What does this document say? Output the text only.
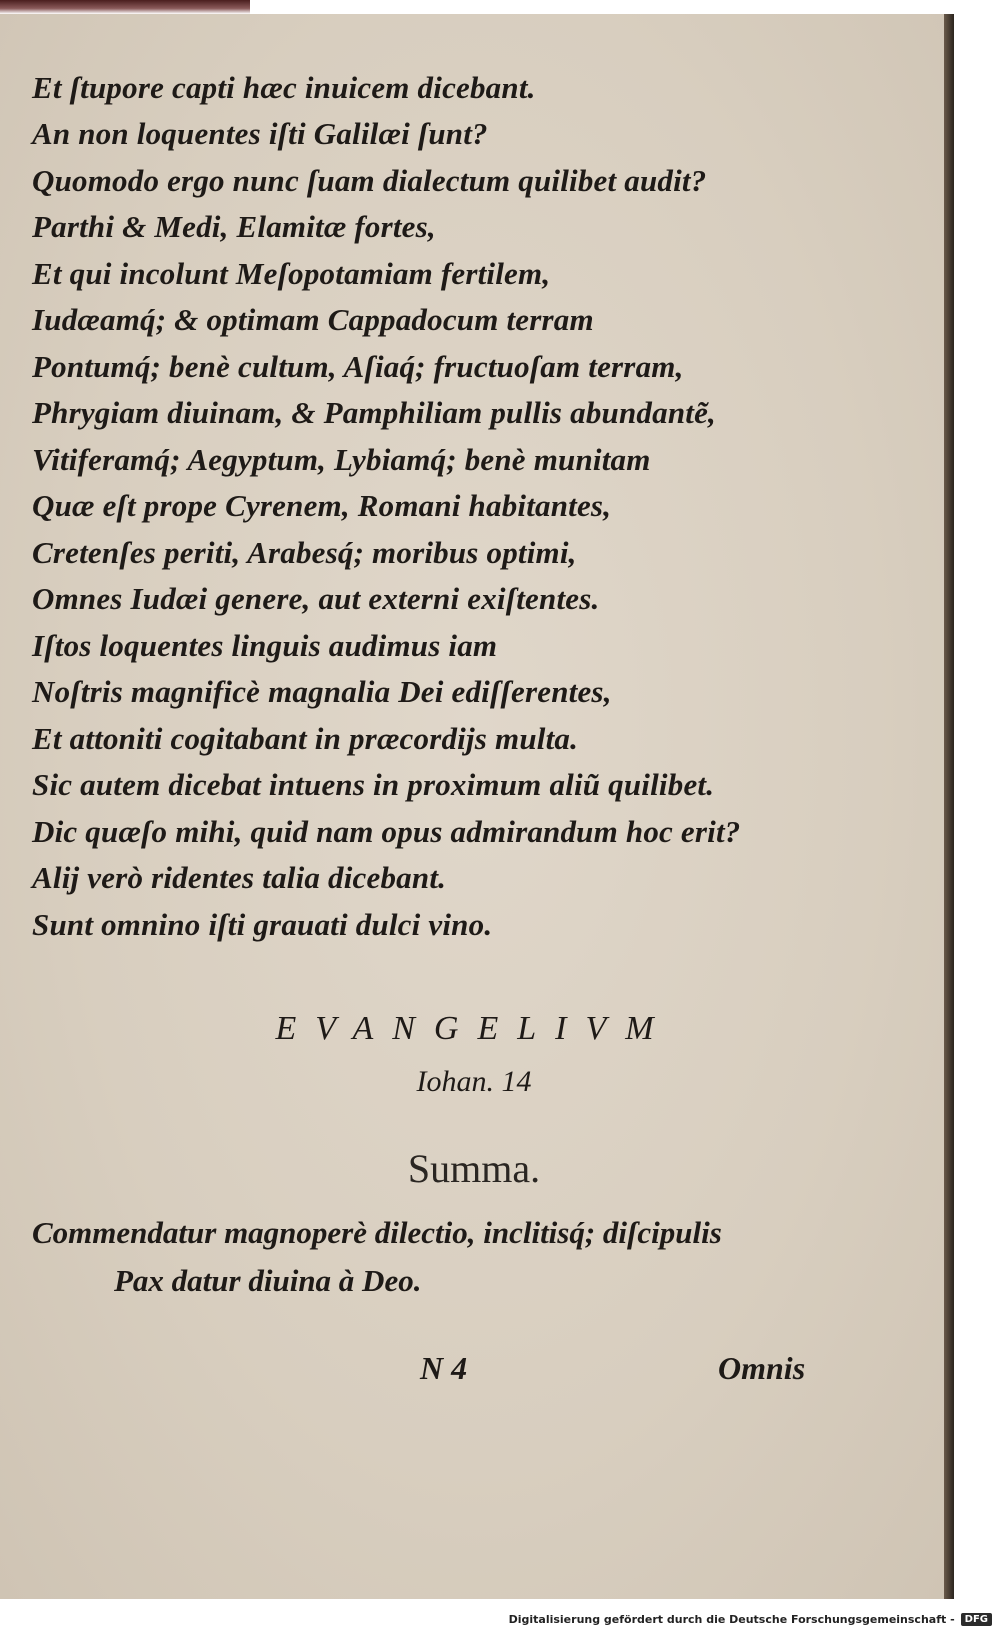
Et ſtupore capti hæc inuicem dicebant.

An non loquentes iſti Galilæi ſunt?

Quomodo ergo nunc ſuam dialectum quilibet audit?

Parthi & Medi, Elamitæ fortes,

Et qui incolunt Meſopotamiam fertilem,

Iudæamq́; & optimam Cappadocum terram

Pontumq́; benè cultum, Aſiaq́; fructuoſam terram,

Phrygiam diuinam, & Pamphiliam pullis abundantẽ,

Vitiferamq́; Aegyptum, Lybiamq́; benè munitam

Quæ eſt prope Cyrenem, Romani habitantes,

Cretenſes periti, Arabesq́; moribus optimi,

Omnes Iudæi genere, aut externi exiſtentes.

Iſtos loquentes linguis audimus iam

Noſtris magnificè magnalia Dei ediſſerentes,

Et attoniti cogitabant in præcordijs multa.

Sic autem dicebat intuens in proximum aliũ quilibet.

Dic quæſo mihi, quid nam opus admirandum hoc erit?

Alij verò ridentes talia dicebant.

Sunt omnino iſti grauati dulci vino.

EVANGELIVM

Iohan. 14

Summa.

Commendatur magnoperè dilectio, inclitisq́; diſcipulis

Pax datur diuina à Deo.

N 4	Omnis

Digitalisierung gefördert durch die Deutsche Forschungsgemeinschaft -	DFG
